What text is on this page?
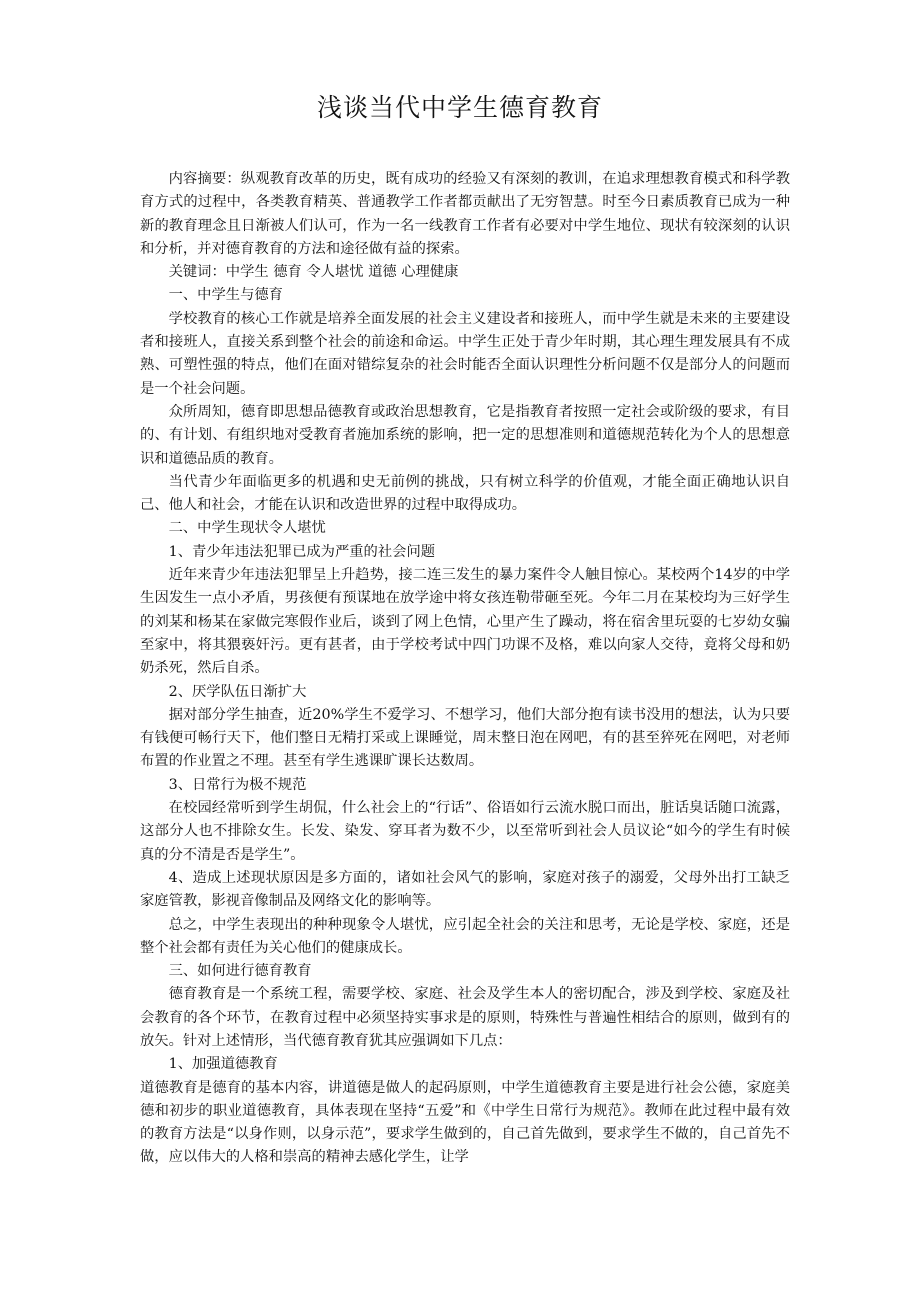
浅谈当代中学生德育教育

内容摘要：纵观教育改革的历史，既有成功的经验又有深刻的教训，在追求理想教育模式和科学教育方式的过程中，各类教育精英、普通教学工作者都贡献出了无穷智慧。时至今日素质教育已成为一种新的教育理念且日渐被人们认可，作为一名一线教育工作者有必要对中学生地位、现状有较深刻的认识和分析，并对德育教育的方法和途径做有益的探索。

关键词：中学生 德育 令人堪忧 道德 心理健康

一、中学生与德育

学校教育的核心工作就是培养全面发展的社会主义建设者和接班人，而中学生就是未来的主要建设者和接班人，直接关系到整个社会的前途和命运。中学生正处于青少年时期，其心理生理发展具有不成熟、可塑性强的特点，他们在面对错综复杂的社会时能否全面认识理性分析问题不仅是部分人的问题而是一个社会问题。

众所周知，德育即思想品德教育或政治思想教育，它是指教育者按照一定社会或阶级的要求，有目的、有计划、有组织地对受教育者施加系统的影响，把一定的思想准则和道德规范转化为个人的思想意识和道德品质的教育。

当代青少年面临更多的机遇和史无前例的挑战，只有树立科学的价值观，才能全面正确地认识自己、他人和社会，才能在认识和改造世界的过程中取得成功。

二、中学生现状令人堪忧

1、青少年违法犯罪已成为严重的社会问题

近年来青少年违法犯罪呈上升趋势，接二连三发生的暴力案件令人触目惊心。某校两个14岁的中学生因发生一点小矛盾，男孩便有预谋地在放学途中将女孩连勒带砸至死。今年二月在某校均为三好学生的刘某和杨某在家做完寒假作业后，谈到了网上色情，心里产生了躁动，将在宿舍里玩耍的七岁幼女骗至家中，将其猥亵奸污。更有甚者，由于学校考试中四门功课不及格，难以向家人交待，竟将父母和奶奶杀死，然后自杀。

2、厌学队伍日渐扩大

据对部分学生抽查，近20%学生不爱学习、不想学习，他们大部分抱有读书没用的想法，认为只要有钱便可畅行天下，他们整日无精打采或上课睡觉，周末整日泡在网吧，有的甚至猝死在网吧，对老师布置的作业置之不理。甚至有学生逃课旷课长达数周。

3、日常行为极不规范

在校园经常听到学生胡侃，什么社会上的“行话”、俗语如行云流水脱口而出，脏话臭话随口流露，这部分人也不排除女生。长发、染发、穿耳者为数不少，以至常听到社会人员议论“如今的学生有时候真的分不清是否是学生”。

4、造成上述现状原因是多方面的，诸如社会风气的影响，家庭对孩子的溺爱，父母外出打工缺乏家庭管教，影视音像制品及网络文化的影响等。

总之，中学生表现出的种种现象令人堪忧，应引起全社会的关注和思考，无论是学校、家庭，还是整个社会都有责任为关心他们的健康成长。

三、如何进行德育教育

德育教育是一个系统工程，需要学校、家庭、社会及学生本人的密切配合，涉及到学校、家庭及社会教育的各个环节，在教育过程中必须坚持实事求是的原则，特殊性与普遍性相结合的原则，做到有的放矢。针对上述情形，当代德育教育犹其应强调如下几点：

1、加强道德教育

道德教育是德育的基本内容，讲道德是做人的起码原则，中学生道德教育主要是进行社会公德，家庭美德和初步的职业道德教育，具体表现在坚持“五爱”和《中学生日常行为规范》。教师在此过程中最有效的教育方法是“以身作则，以身示范”，要求学生做到的，自己首先做到，要求学生不做的，自己首先不做，应以伟大的人格和崇高的精神去感化学生，让学
